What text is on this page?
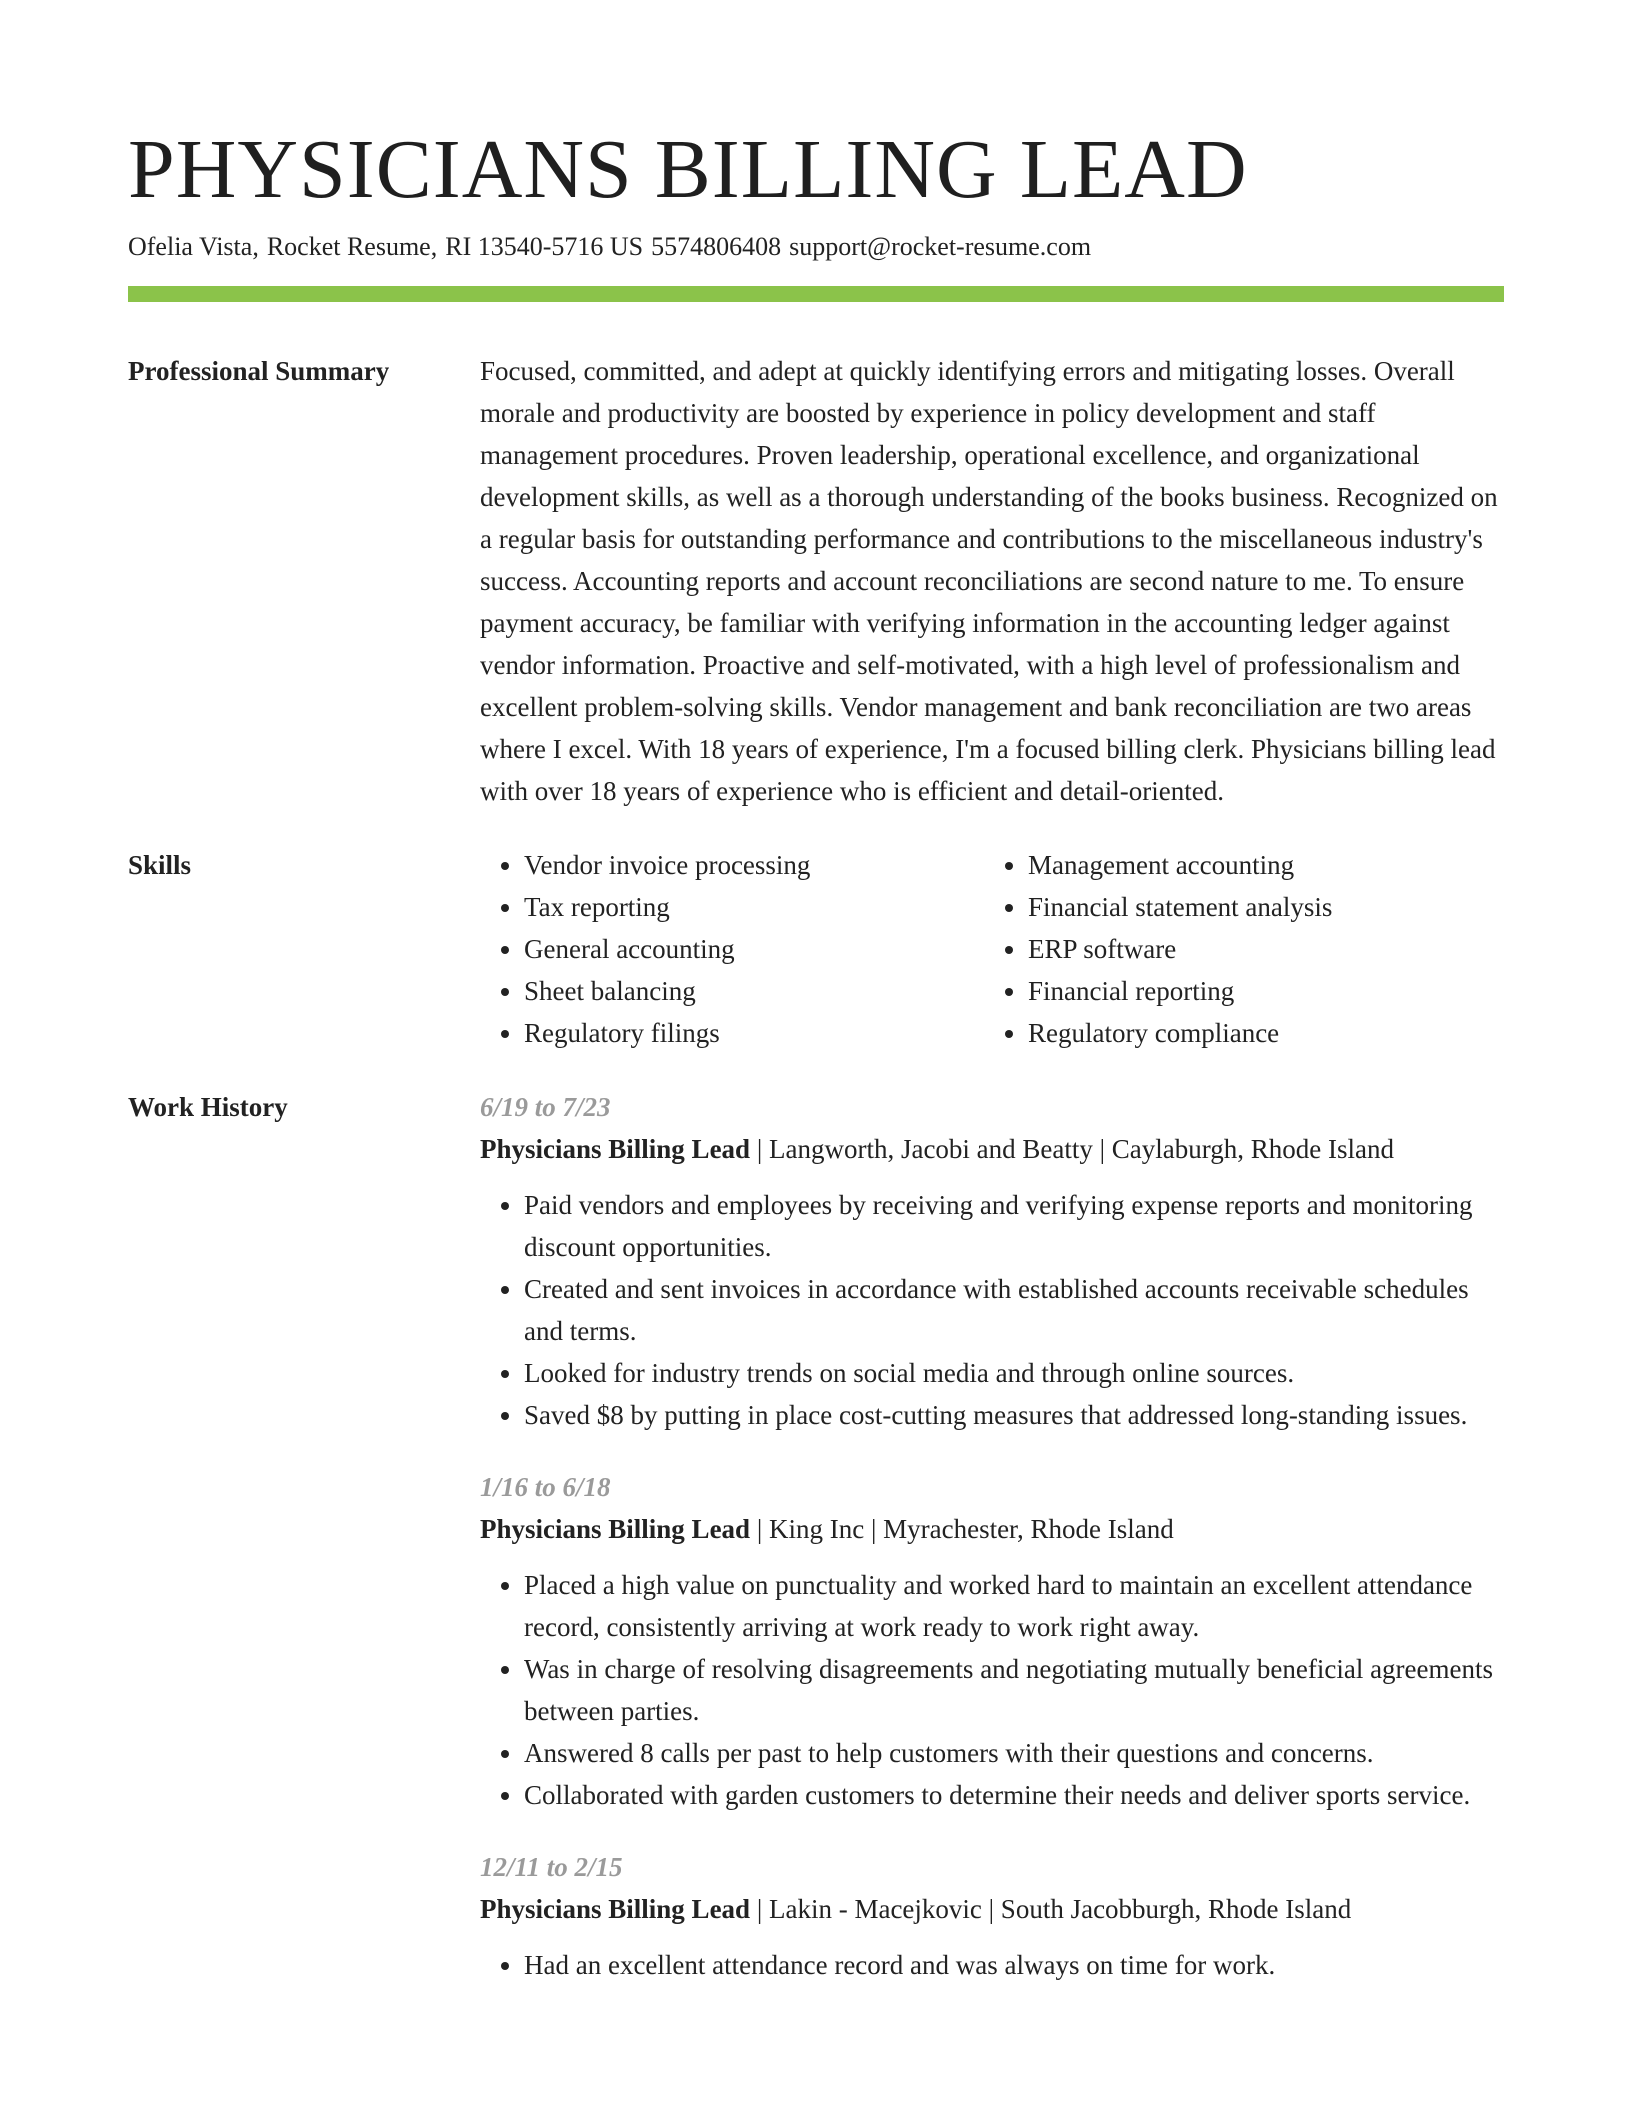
PHYSICIANS BILLING LEAD
Ofelia Vista, Rocket Resume, RI 13540-5716 US 5574806408 support@rocket-resume.com
Professional Summary	Focused, committed, and adept at quickly identifying errors and mitigating losses. Overall morale and productivity are boosted by experience in policy development and staff management procedures. Proven leadership, operational excellence, and organizational development skills, as well as a thorough understanding of the books business. Recognized on a regular basis for outstanding performance and contributions to the miscellaneous industry's success. Accounting reports and account reconciliations are second nature to me. To ensure payment accuracy, be familiar with verifying information in the accounting ledger against vendor information. Proactive and self-motivated, with a high level of professionalism and excellent problem-solving skills. Vendor management and bank reconciliation are two areas where I excel. With 18 years of experience, I'm a focused billing clerk. Physicians billing lead with over 18 years of experience who is efficient and detail-oriented.

Skills
•	Vendor invoice processing
• Tax reporting
• General accounting
• Sheet balancing
• Regulatory filings
• Management accounting
• Financial statement analysis
• ERP software
• Financial reporting
• Regulatory compliance
Work History	6/19 to 7/23
Physicians Billing Lead | Langworth, Jacobi and Beatty | Caylaburgh, Rhode Island
• Paid vendors and employees by receiving and verifying expense reports and monitoring discount opportunities.
• Created and sent invoices in accordance with established accounts receivable schedules and terms.
• Looked for industry trends on social media and through online sources.
• Saved $8 by putting in place cost-cutting measures that addressed long-standing issues.
1/16 to 6/18
Physicians Billing Lead | King Inc | Myrachester, Rhode Island
• Placed a high value on punctuality and worked hard to maintain an excellent attendance record, consistently arriving at work ready to work right away.
• Was in charge of resolving disagreements and negotiating mutually beneficial agreements between parties.
• Answered 8 calls per past to help customers with their questions and concerns.
• Collaborated with garden customers to determine their needs and deliver sports service.
12/11 to 2/15
Physicians Billing Lead | Lakin - Macejkovic | South Jacobburgh, Rhode Island
• Had an excellent attendance record and was always on time for work.
